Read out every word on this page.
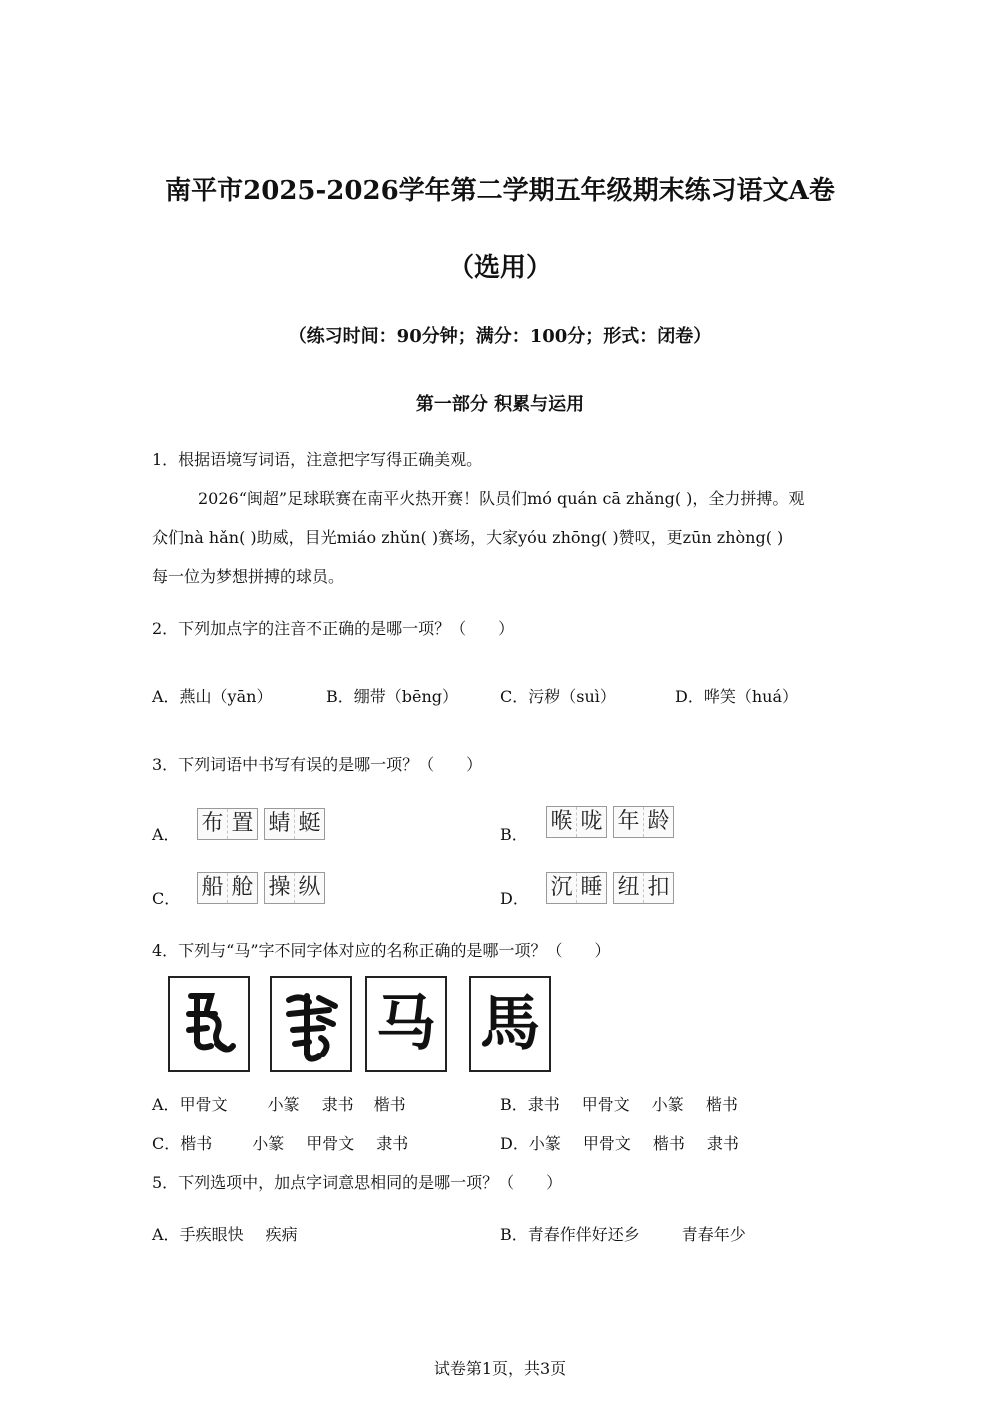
南平市2025-2026学年第二学期五年级期末练习语文A卷
（选用）
（练习时间：90分钟；满分：100分；形式：闭卷）
第一部分 积累与运用
1．根据语境写词语，注意把字写得正确美观。
2026“闽超”足球联赛在南平火热开赛！队员们mó quán cā zhǎng( )，全力拼搏。观
众们nà hǎn( )助威，目光miáo zhǔn( )赛场，大家yóu zhōng( )赞叹，更zūn zhòng( )
每一位为梦想拼搏的球员。
2．下列加点字的注音不正确的是哪一项？（　　）
A．燕山（yān）	B．绷带（bēng）	C．污秽（suì）	D．哗笑（huá）
3．下列词语中书写有误的是哪一项？（　　）
A． 布 置 蜻 蜓	B．
喉 咙 年 龄
C． 船 舱 操 纵	D． 沉 睡 纽 扣
4．下列与“马”字不同字体对应的名称正确的是哪一项？（　　）
马 馬
A．甲骨文	小篆 隶书 楷书	B．隶书 甲骨文 小篆 楷书
C．楷书	小篆 甲骨文 隶书	D．小篆 甲骨文 楷书 隶书
5．下列选项中，加点字词意思相同的是哪一项？（　　）
A．手疾眼快 疾病	B．青春作伴好还乡	青春年少
试卷第1页，共3页
